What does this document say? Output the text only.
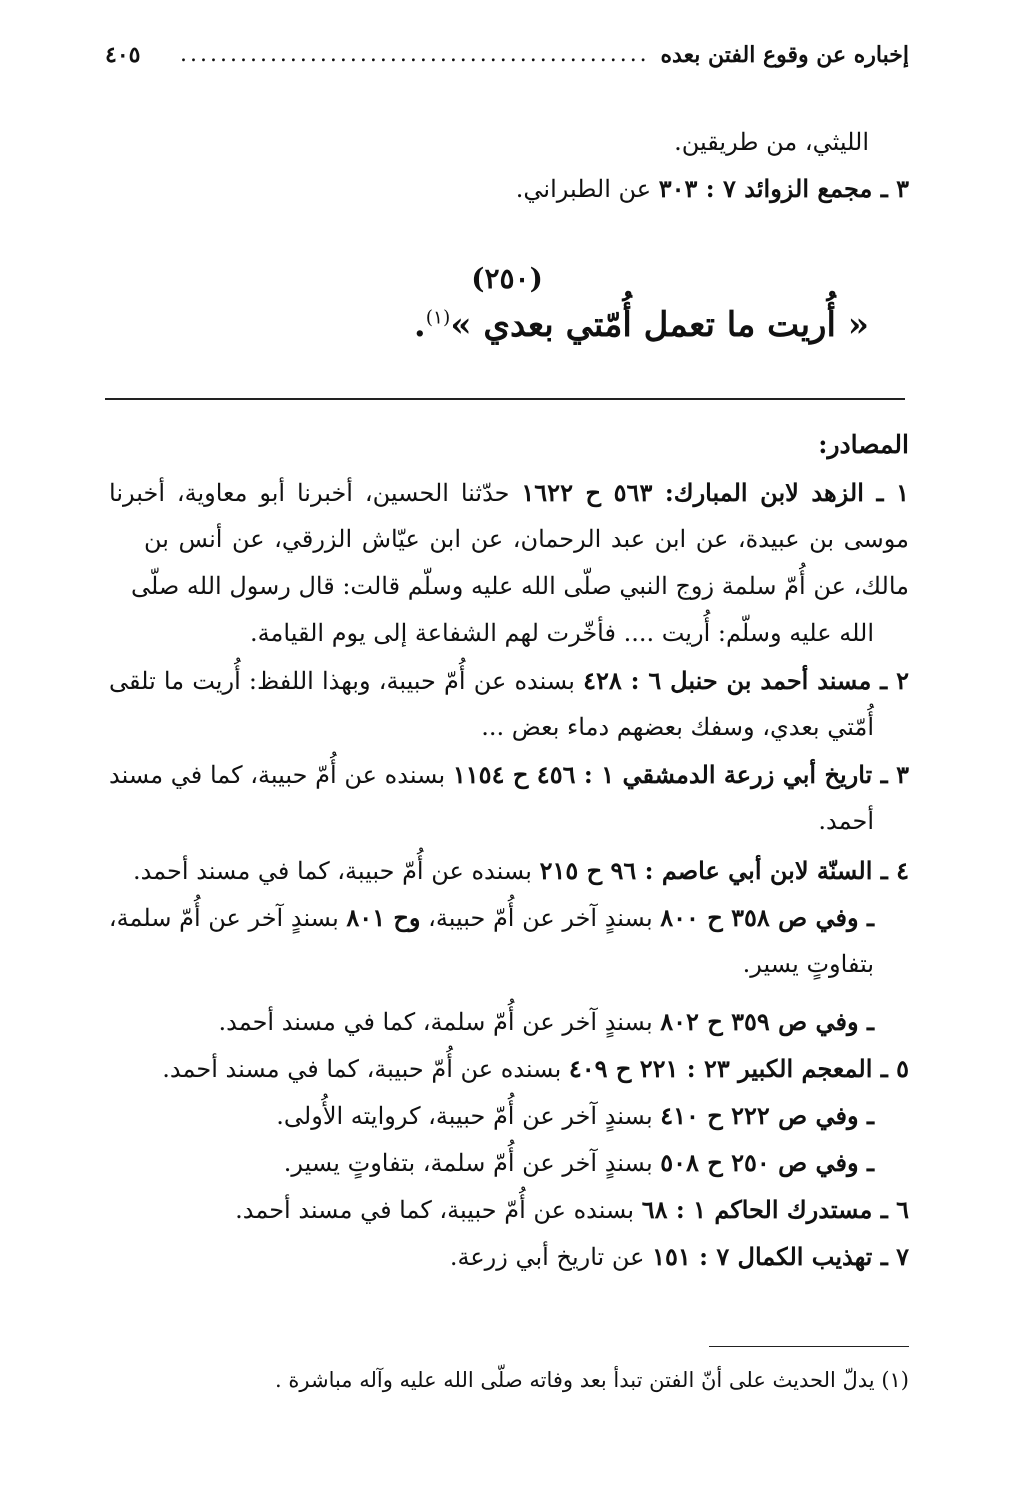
إخباره عن وقوع الفتن بعده
...............................................
٤٠٥
الليثي، من طريقين.
٣ ـ مجمع الزوائد ٧ : ٣٠٣ عن الطبراني.
(٢٥٠)
« أُريت ما تعمل أُمّتي بعدي »$^{(١)}$.
المصادر:
١ ـ الزهد لابن المبارك: ٥٦٣ ح ١٦٢٢ حدّثنا الحسين، أخبرنا أبو معاوية، أخبرنا
موسى بن عبيدة، عن ابن عبد الرحمان، عن ابن عيّاش الزرقي، عن أنس بن
مالك، عن أُمّ سلمة زوج النبي صلّى الله عليه وسلّم قالت: قال رسول الله صلّى
الله عليه وسلّم: أُريت .... فأخّرت لهم الشفاعة إلى يوم القيامة.
٢ ـ مسند أحمد بن حنبل ٦ : ٤٢٨ بسنده عن أُمّ حبيبة، وبهذا اللفظ: أُريت ما تلقى
أُمّتي بعدي، وسفك بعضهم دماء بعض ...
٣ ـ تاريخ أبي زرعة الدمشقي ١ : ٤٥٦ ح ١١٥٤ بسنده عن أُمّ حبيبة، كما في مسند
أحمد.
٤ ـ السنّة لابن أبي عاصم : ٩٦ ح ٢١٥ بسنده عن أُمّ حبيبة، كما في مسند أحمد.
ـ وفي ص ٣٥٨ ح ٨٠٠ بسندٍ آخر عن أُمّ حبيبة، وح ٨٠١ بسندٍ آخر عن أُمّ سلمة،
بتفاوتٍ يسير.
ـ وفي ص ٣٥٩ ح ٨٠٢ بسندٍ آخر عن أُمّ سلمة، كما في مسند أحمد.
٥ ـ المعجم الكبير ٢٣ : ٢٢١ ح ٤٠٩ بسنده عن أُمّ حبيبة، كما في مسند أحمد.
ـ وفي ص ٢٢٢ ح ٤١٠ بسندٍ آخر عن أُمّ حبيبة، كروايته الأُولى.
ـ وفي ص ٢٥٠ ح ٥٠٨ بسندٍ آخر عن أُمّ سلمة، بتفاوتٍ يسير.
٦ ـ مستدرك الحاكم ١ : ٦٨ بسنده عن أُمّ حبيبة، كما في مسند أحمد.
٧ ـ تهذيب الكمال ٧ : ١٥١ عن تاريخ أبي زرعة.
(١) يدلّ الحديث على أنّ الفتن تبدأ بعد وفاته صلّى الله عليه وآله مباشرة .
